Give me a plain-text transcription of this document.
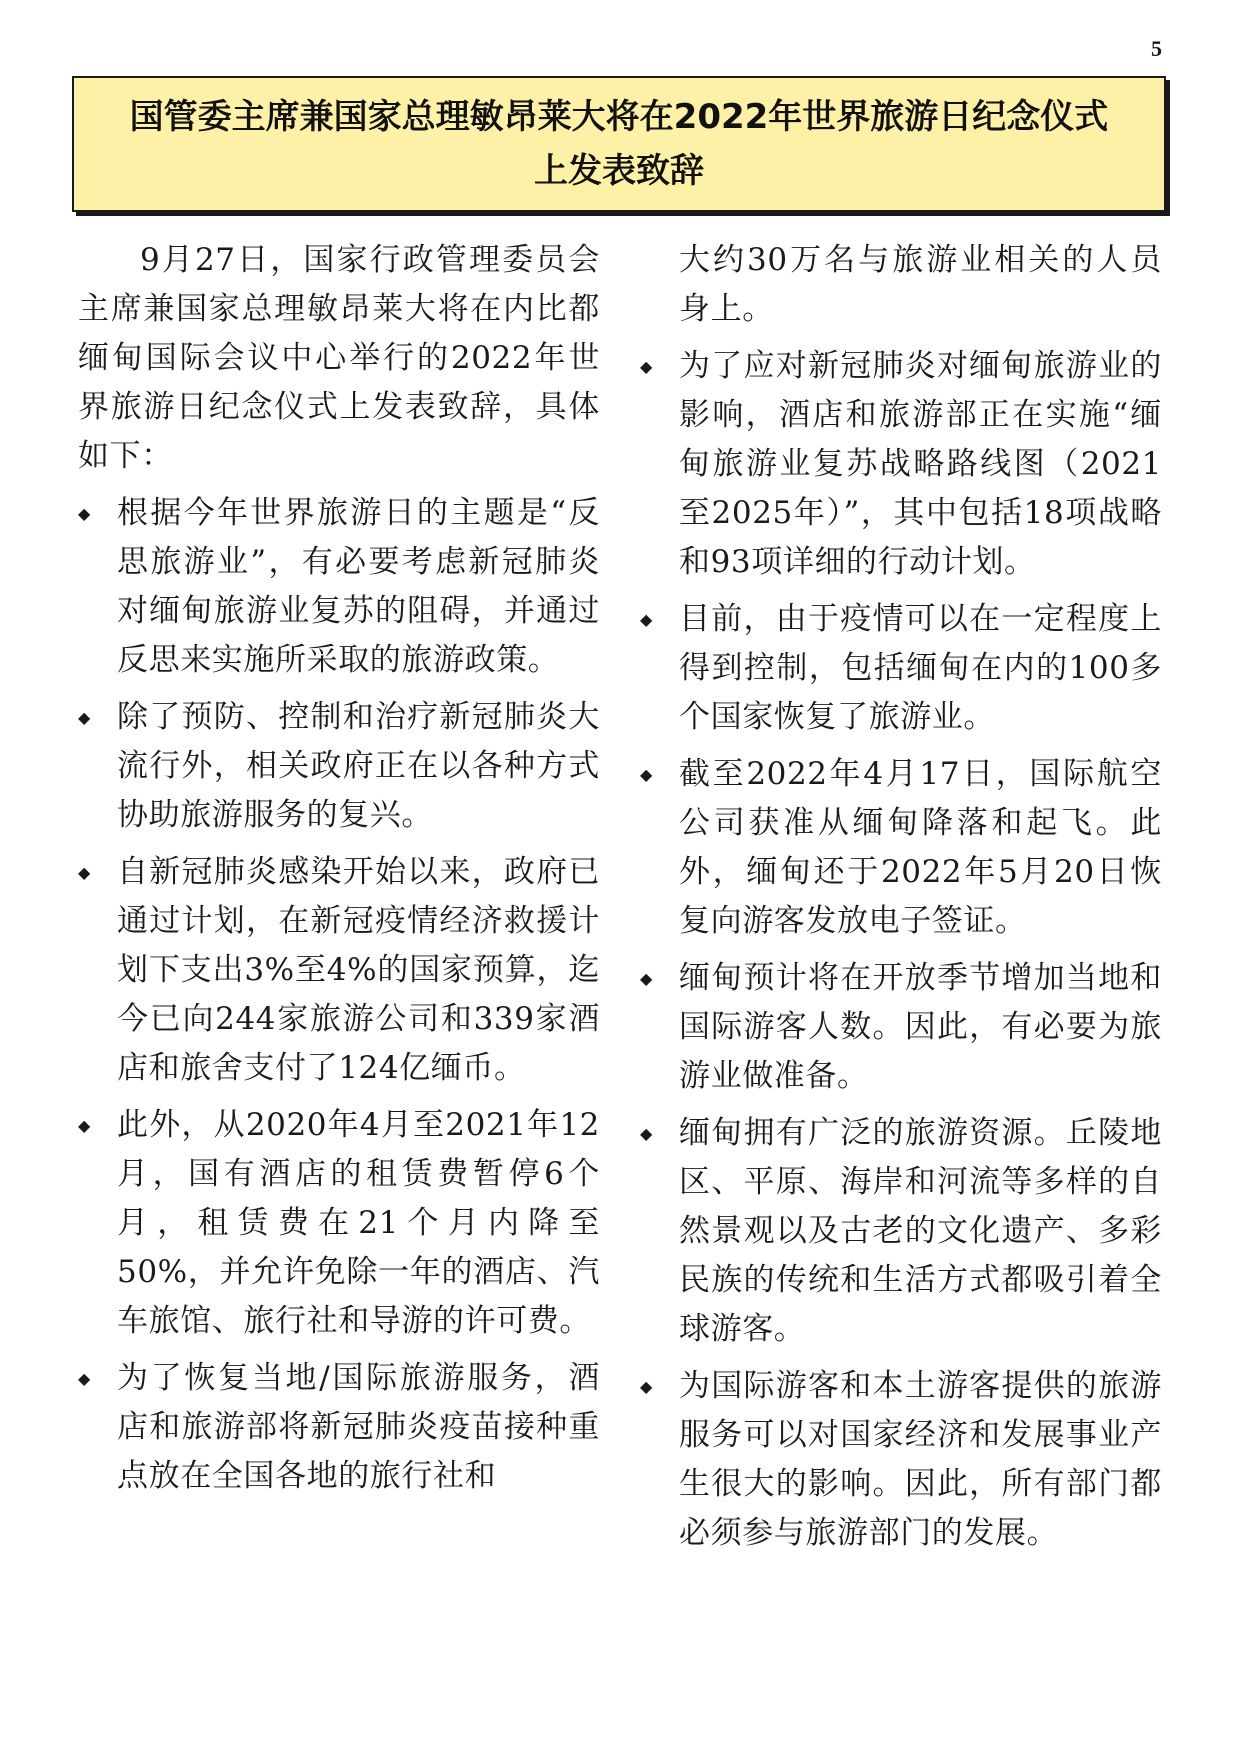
5
国管委主席兼国家总理敏昂莱大将在2022年世界旅游日纪念仪式
上发表致辞

9月27日，国家行政管理委员会主席兼国家总理敏昂莱大将在内比都缅甸国际会议中心举行的2022年世界旅游日纪念仪式上发表致辞，具体如下：

◆ 根据今年世界旅游日的主题是“反思旅游业”，有必要考虑新冠肺炎对缅甸旅游业复苏的阻碍，并通过反思来实施所采取的旅游政策。
◆ 除了预防、控制和治疗新冠肺炎大流行外，相关政府正在以各种方式协助旅游服务的复兴。
◆ 自新冠肺炎感染开始以来，政府已通过计划，在新冠疫情经济救援计划下支出3%至4%的国家预算，迄今已向244家旅游公司和339家酒店和旅舍支付了124亿缅币。
◆ 此外，从2020年4月至2021年12月，国有酒店的租赁费暂停6个月，租赁费在21个月内降至50%，并允许免除一年的酒店、汽车旅馆、旅行社和导游的许可费。
◆ 为了恢复当地/国际旅游服务，酒店和旅游部将新冠肺炎疫苗接种重点放在全国各地的旅行社和

大约30万名与旅游业相关的人员身上。

◆ 为了应对新冠肺炎对缅甸旅游业的影响，酒店和旅游部正在实施“缅甸旅游业复苏战略路线图（2021至2025年）”，其中包括18项战略和93项详细的行动计划。
◆ 目前，由于疫情可以在一定程度上得到控制，包括缅甸在内的100多个国家恢复了旅游业。
◆ 截至2022年4月17日，国际航空公司获准从缅甸降落和起飞。此外，缅甸还于2022年5月20日恢复向游客发放电子签证。
◆ 缅甸预计将在开放季节增加当地和国际游客人数。因此，有必要为旅游业做准备。
◆ 缅甸拥有广泛的旅游资源。丘陵地区、平原、海岸和河流等多样的自然景观以及古老的文化遗产、多彩民族的传统和生活方式都吸引着全球游客。
◆ 为国际游客和本土游客提供的旅游服务可以对国家经济和发展事业产生很大的影响。因此，所有部门都必须参与旅游部门的发展。
